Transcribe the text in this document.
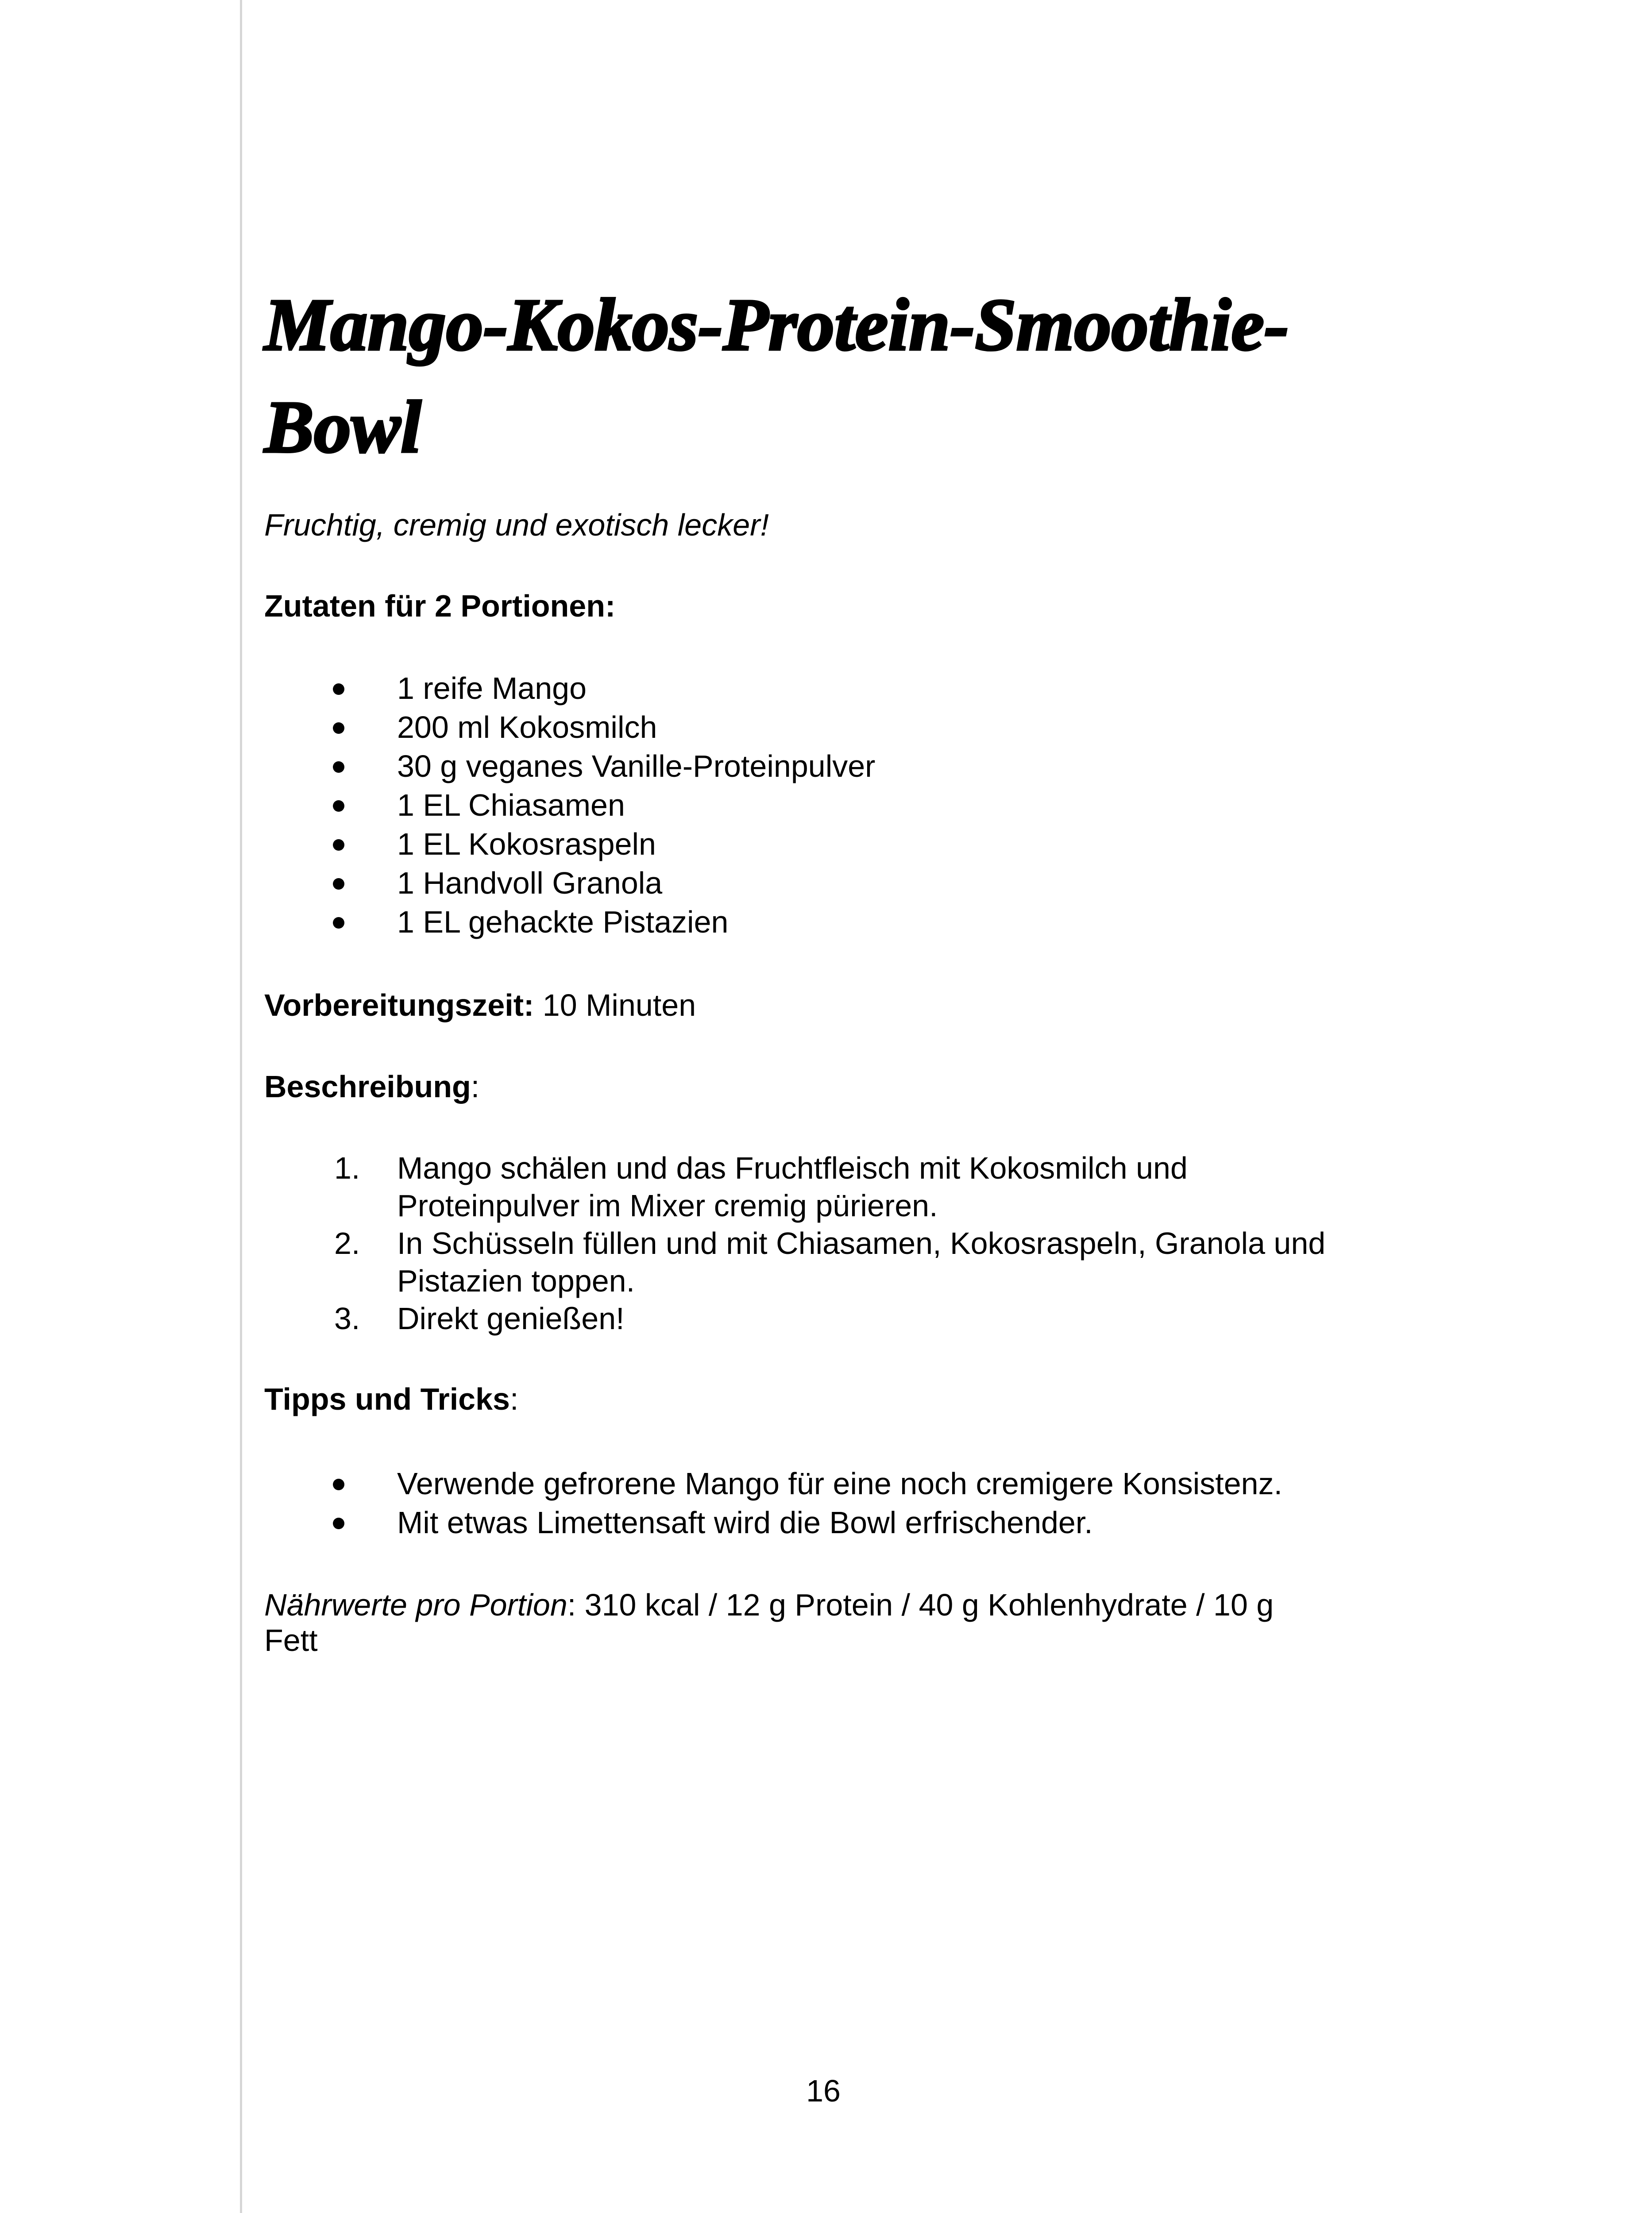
Mango-Kokos-Protein-Smoothie-Bowl
Fruchtig, cremig und exotisch lecker!
Zutaten für 2 Portionen:
1 reife Mango
200 ml Kokosmilch
30 g veganes Vanille-Proteinpulver
1 EL Chiasamen
1 EL Kokosraspeln
1 Handvoll Granola
1 EL gehackte Pistazien
Vorbereitungszeit: 10 Minuten
Beschreibung:
1. Mango schälen und das Fruchtfleisch mit Kokosmilch und Proteinpulver im Mixer cremig pürieren.
2. In Schüsseln füllen und mit Chiasamen, Kokosraspeln, Granola und Pistazien toppen.
3. Direkt genießen!
Tipps und Tricks:
Verwende gefrorene Mango für eine noch cremigere Konsistenz.
Mit etwas Limettensaft wird die Bowl erfrischender.
Nährwerte pro Portion: 310 kcal / 12 g Protein / 40 g Kohlenhydrate / 10 g Fett
16
